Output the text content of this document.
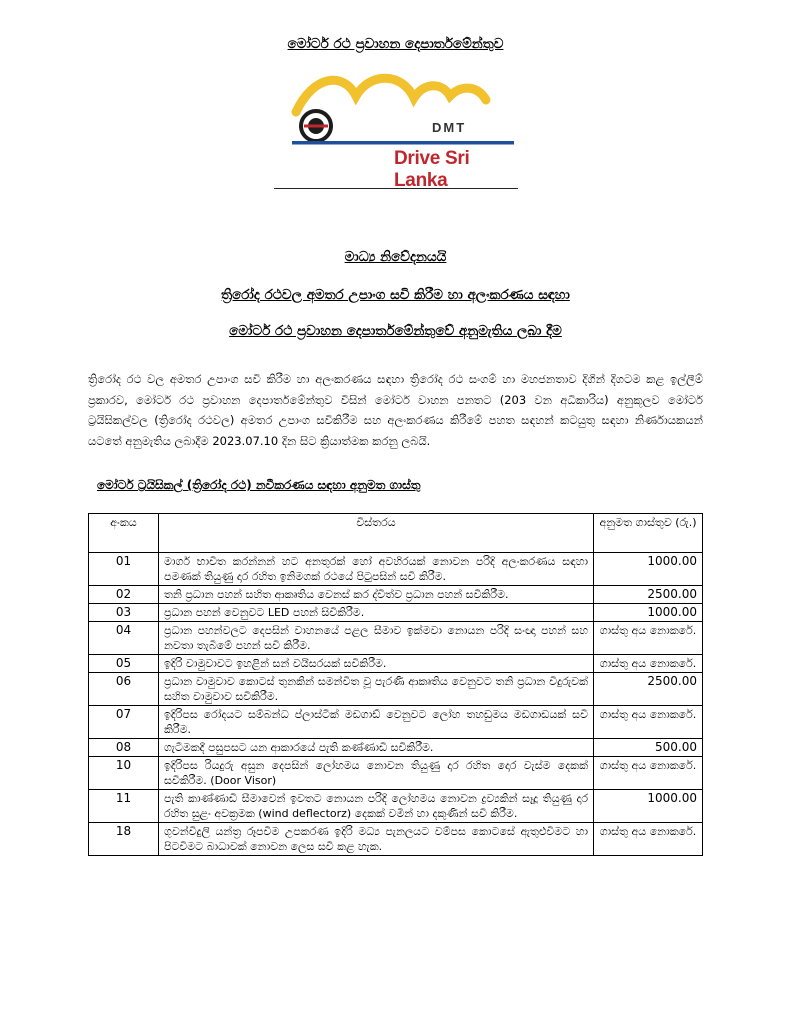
මෝටර් රථ ප්‍රවාහන දෙපාර්තමේන්තුව
DMT
Drive Sri Lanka
මාධ්‍ය නිවේදනයයි
ත්‍රිරෝද රථවල අමතර උපාංග සවි කිරීම හා අලංකරණය සඳහා
මෝටර් රථ ප්‍රවාහන දෙපාර්තමේන්තුවේ අනුමැතිය ලබා දීම
ත්‍රිරෝද රථ වල අමතර උපාංග සවි කිරීම හා අලංකරණය සඳහා ත්‍රිරෝද රථ සංගම් හා මහජනතාව දිගින් දිගටම කළ ඉල්ලීම් ප්‍රකාරව, මෝටර් රථ ප්‍රවාහන දෙපාර්තමේන්තුව විසින් මෝටර් වාහන පනතට (203 වන අධිකාරිය) අනුකූලව මෝටර් ට්‍රයිසිකල්වල (ත්‍රිරෝද රථවල) අමතර උපාංග සවිකිරීම සහ අලංකරණය කිරීමේ පහත සඳහන් කටයුතු සඳහා නිර්ණායකයන් යටතේ අනුමැතිය ලබාදීම 2023.07.10 දින සිට ක්‍රියාත්මක කරනු ලබයි.
මෝටර් ට්‍රයිසිකල් (ත්‍රිරෝද රථ) නවීකරණය සඳහා අනුමත ගාස්තු
අංකය	විස්තරය	අනුමත ගාස්තුව (රු.)
01	මාර්ග භාවිත කරන්නන් හට අනතුරක් හෝ අවහිරයක් නොවන පරිදි අලංකරණය සඳහා පමණක් තියුණු දාර රහිත ඉනිමගක් රථයේ පිටුපසින් සවි කිරීම.	1000.00
02	තනි ප්‍රධාන පහන් සහිත ආකෘතිය වෙනස් කර ද්විත්ව ප්‍රධාන පහන් සවිකිරීම.	2500.00
03	ප්‍රධාන පහන් වෙනුවට LED පහන් සිවිකිරීම.	1000.00
04	ප්‍රධාන පහන්වලට දෙපසින් වාහනයේ පළල සීමාව ඉක්මවා නොයන පරිදි සංඥා පහන් සහ නවතා තැබීමේ පහන් සවි කිරීම.	ගාස්තු අය නොකරේ.
05	ඉදිරි වාමුවාවට ඉහළින් සන් වයිසරයක් සවිකිරීම.	ගාස්තු අය නොකරේ.
06	ප්‍රධාන වාමුවාව කොටස් තුනකින් සමන්විත වූ පැරණි ආකෘතිය වෙනුවට තනි ප්‍රධාන විදුරුවක් සහිත වාමුවාව සවිකිරීම.	2500.00
07	ඉදිරිපස රෝදයට සම්බන්ධ ප්ලාස්ටික් මඩගාඩ් වෙනුවට ලෝහ තහඩුමය මඩගාඩයක් සවි කිරීම.	ගාස්තු අය නොකරේ.
08	ගැටීමකදී පසුපසට යන ආකාරයේ පැති කණ්ණාඩි සවිකිරීම.	500.00
10	ඉදිරිපස රියදුරු අසුන දෙපසින් ලෝහමය නොවන තියුණු දාර රහිත දොර වැස්ම දෙකක් සවිකිරීම. (Door Visor)	ගාස්තු අය නොකරේ.
11	පැති කාණ්ණාඩි සීමාවෙන් ඉවතට නොයන පරිදි ලෝහමය නොවන ද්‍රව්‍යකින් සෑදූ තියුණු දාර රහිත සුළං අවක්‍රමක (wind deflectorz) දෙකක් වමින් හා දකුණින් සවි කිරීම.	1000.00
18	ගුවන්විදුලි යන්ත්‍ර රූපවිම උපකරණ ඉදිරි මධ්‍ය පැනලයට වම්පස කොටසේ ඇතුළුවීමට හා පිටවීමට බාධාවක් නොවන ලෙස සවි කළ හැක.	ගාස්තු අය නොකරේ.
